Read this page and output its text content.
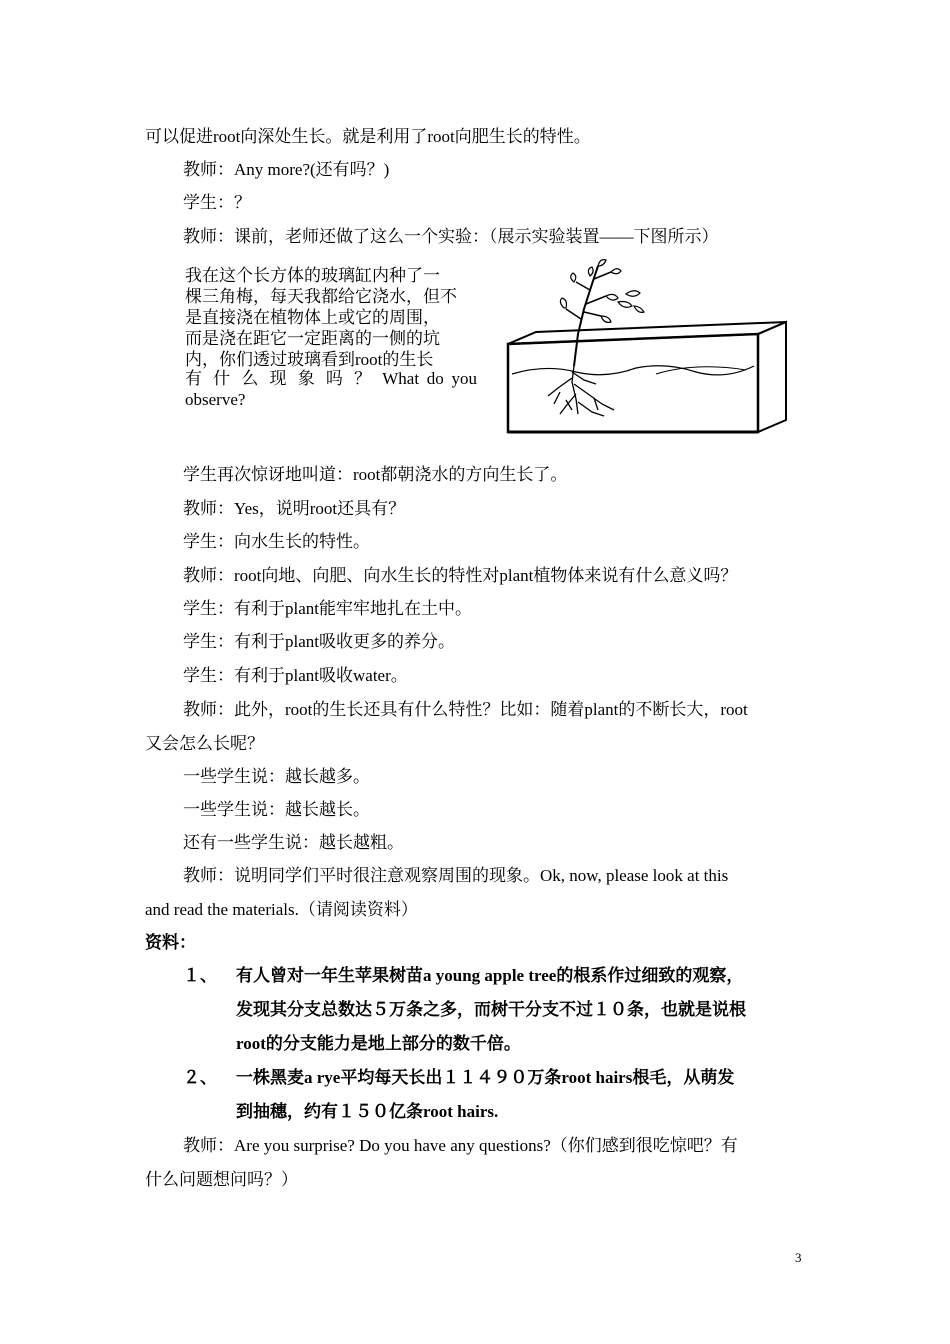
可以促进root向深处生长。就是利用了root向肥生长的特性。
教师：Any more?(还有吗？)
学生：？
教师：课前，老师还做了这么一个实验：（展示实验装置——下图所示）
我在这个长方体的玻璃缸内种了一
棵三角梅，每天我都给它浇水，但不
是直接浇在植物体上或它的周围，
而是浇在距它一定距离的一侧的坑
内，你们透过玻璃看到root的生长
有 什 么 现 象 吗 ？ What do you
observe?
学生再次惊讶地叫道：root都朝浇水的方向生长了。
教师：Yes，说明root还具有？
学生：向水生长的特性。
教师：root向地、向肥、向水生长的特性对plant植物体来说有什么意义吗？
学生：有利于plant能牢牢地扎在土中。
学生：有利于plant吸收更多的养分。
学生：有利于plant吸收water。
教师：此外，root的生长还具有什么特性？比如：随着plant的不断长大，root
又会怎么长呢？
一些学生说：越长越多。
一些学生说：越长越长。
还有一些学生说：越长越粗。
教师：说明同学们平时很注意观察周围的现象。Ok, now, please look at this
and read the materials.（请阅读资料）
资料：
１、 有人曾对一年生苹果树苗a young apple tree的根系作过细致的观察，
发现其分支总数达５万条之多，而树干分支不过１０条，也就是说根
root的分支能力是地上部分的数千倍。
２、 一株黑麦a rye平均每天长出１１４９０万条root hairs根毛，从萌发
到抽穗，约有１５０亿条root hairs.
教师：Are you surprise? Do you have any questions?（你们感到很吃惊吧？有
什么问题想问吗？）
3
